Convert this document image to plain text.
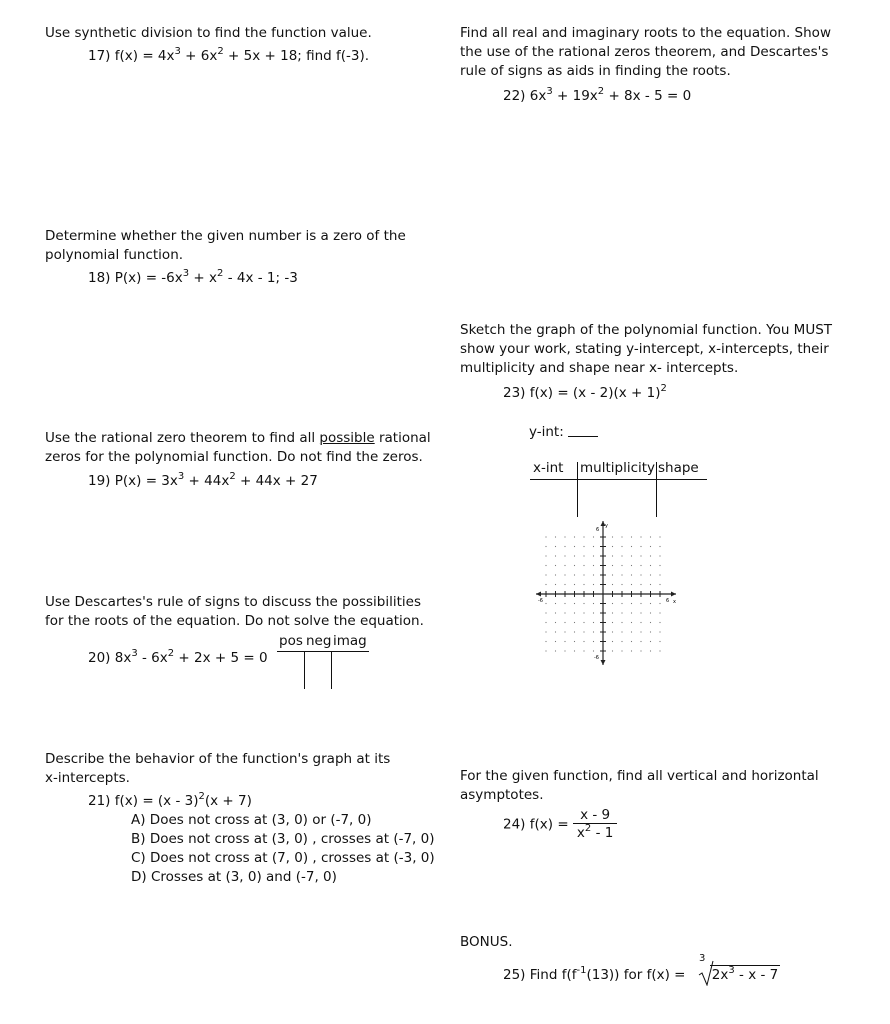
Use synthetic division to find the function value.
17) $f(x) = 4x^3 + 6x^2 + 5x + 18$; find f(-3).
Determine whether the given number is a zero of the polynomial function.
18) $P(x) = -6x^3 + x^2 - 4x - 1$; -3
Use the rational zero theorem to find all possible rational zeros for the polynomial function. Do not find the zeros.
19) $P(x) = 3x^3 + 44x^2 + 44x + 27$
Use Descartes's rule of signs to discuss the possibilities for the roots of the equation. Do not solve the equation.
pos neg imag
20) $8x^3 - 6x^2 + 2x + 5 = 0$
Describe the behavior of the function's graph at its x-intercepts.
21) f(x) = (x - 3)$^2$(x + 7)
A) Does not cross at (3, 0) or (-7, 0)
B) Does not cross at (3, 0) , crosses at (-7, 0)
C) Does not cross at (7, 0) , crosses at (-3, 0)
D) Crosses at (3, 0) and (-7, 0)
Find all real and imaginary roots to the equation. Show the use of the rational zeros theorem, and Descartes's rule of signs as aids in finding the roots.
22) $6x^3 + 19x^2 + 8x - 5 = 0$
Sketch the graph of the polynomial function. You MUST show your work, stating y-intercept, x-intercepts, their multiplicity and shape near x- intercepts.
23) $f(x) = (x - 2)(x + 1)^2$
y-int:
x-int multiplicity shape
y
x
6
-6
6
-6
For the given function, find all vertical and horizontal asymptotes.
24) $f(x) = \frac{x - 9}{x^2 - 1}$
BONUS.
25) Find $f(f^{-1}(13))$ for $f(x) = 2x^3 - x - 7$
3
